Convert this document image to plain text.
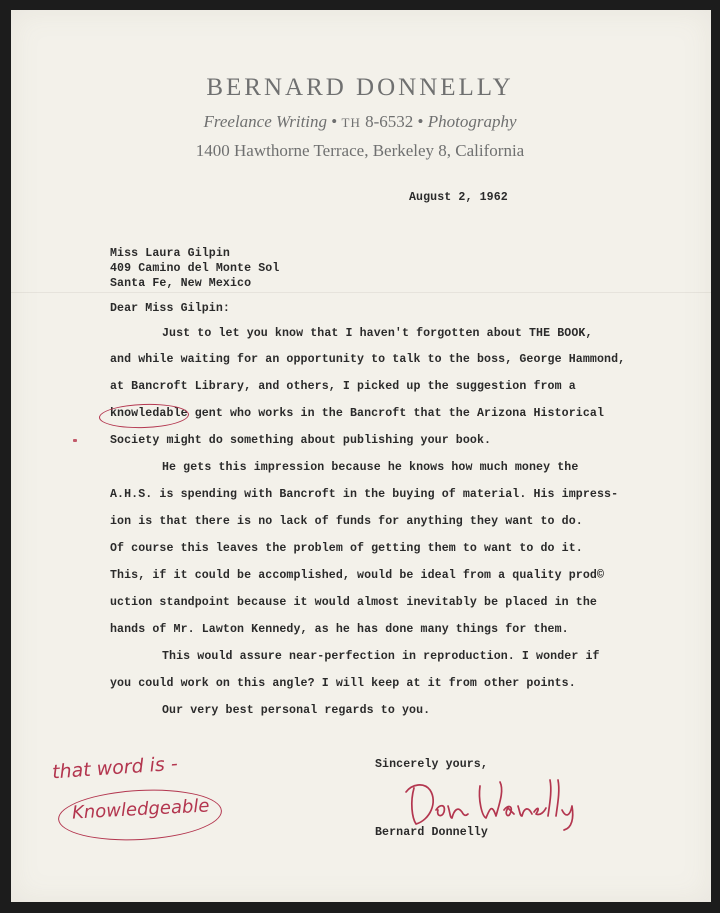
BERNARD DONNELLY
Freelance Writing • TH 8-6532 • Photography
1400 Hawthorne Terrace, Berkeley 8, California
August 2, 1962
Miss Laura Gilpin
409 Camino del Monte Sol
Santa Fe, New Mexico
Dear Miss Gilpin:
Just to let you know that I haven't forgotten about THE BOOK,
and while waiting for an opportunity to talk to the boss, George Hammond,
at Bancroft Library, and others, I picked up the suggestion from a
knowledable gent who works in the Bancroft that the Arizona Historical
Society might do something about publishing your book.
He gets this impression because he knows how much money the
A.H.S. is spending with Bancroft in the buying of material. His impress-
ion is that there is no lack of funds for anything they want to do.
Of course this leaves the problem of getting them to want to do it.
This, if it could be accomplished, would be ideal from a quality prod©
uction standpoint because it would almost inevitably be placed in the
hands of Mr. Lawton Kennedy, as he has done many things for them.
This would assure near-perfection in reproduction. I wonder if
you could work on this angle? I will keep at it from other points.
Our very best personal regards to you.
Sincerely yours,
Bernard Donnelly
that word is -
Knowledgeable
